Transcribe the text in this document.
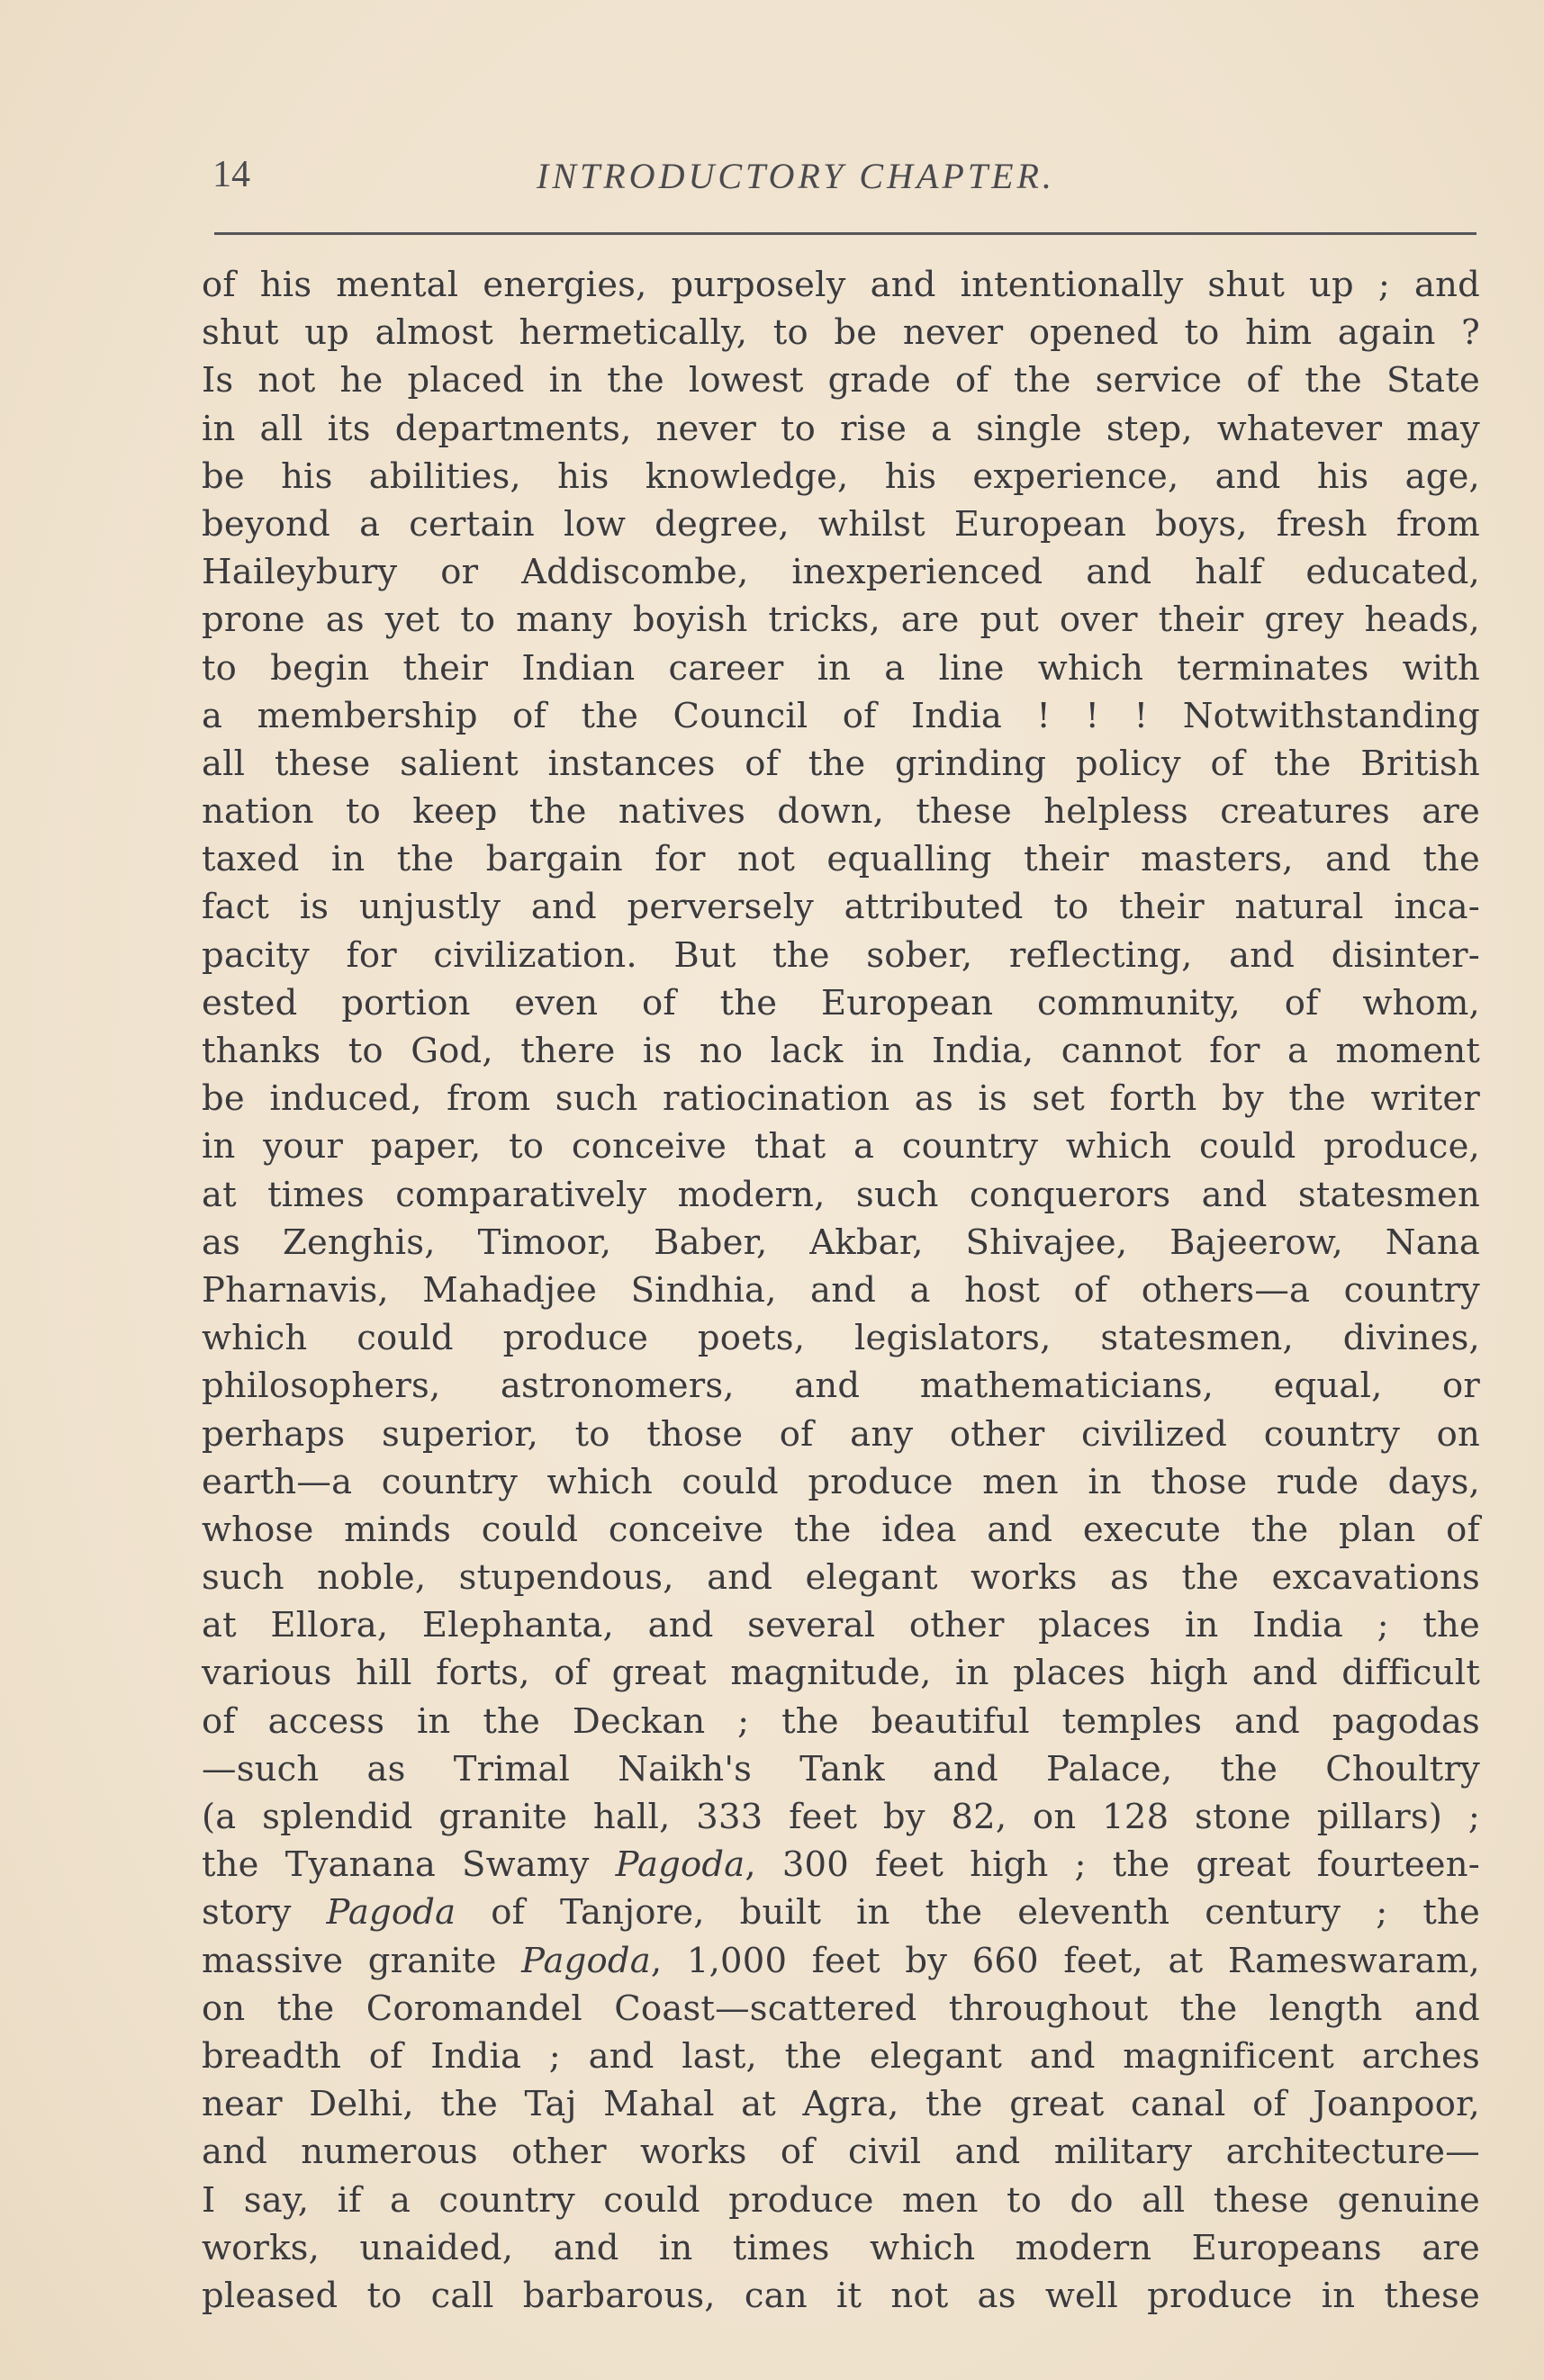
14	INTRODUCTORY CHAPTER.
of his mental energies, purposely and intentionally shut up ; and
shut up almost hermetically, to be never opened to him again ?
Is not he placed in the lowest grade of the service of the State
in all its departments, never to rise a single step, whatever may
be his abilities, his knowledge, his experience, and his age,
beyond a certain low degree, whilst European boys, fresh from
Haileybury or Addiscombe, inexperienced and half educated,
prone as yet to many boyish tricks, are put over their grey heads,
to begin their Indian career in a line which terminates with
a membership of the Council of India ! ! ! Notwithstanding
all these salient instances of the grinding policy of the British
nation to keep the natives down, these helpless creatures are
taxed in the bargain for not equalling their masters, and the
fact is unjustly and perversely attributed to their natural inca-
pacity for civilization. But the sober, reflecting, and disinter-
ested portion even of the European community, of whom,
thanks to God, there is no lack in India, cannot for a moment
be induced, from such ratiocination as is set forth by the writer
in your paper, to conceive that a country which could produce,
at times comparatively modern, such conquerors and statesmen
as Zenghis, Timoor, Baber, Akbar, Shivajee, Bajeerow, Nana
Pharnavis, Mahadjee Sindhia, and a host of others—a country
which could produce poets, legislators, statesmen, divines,
philosophers, astronomers, and mathematicians, equal, or
perhaps superior, to those of any other civilized country on
earth—a country which could produce men in those rude days,
whose minds could conceive the idea and execute the plan of
such noble, stupendous, and elegant works as the excavations
at Ellora, Elephanta, and several other places in India ; the
various hill forts, of great magnitude, in places high and difficult
of access in the Deckan ; the beautiful temples and pagodas
—such as Trimal Naikh's Tank and Palace, the Choultry
(a splendid granite hall, 333 feet by 82, on 128 stone pillars) ;
the Tyanana Swamy Pagoda, 300 feet high ; the great fourteen-
story Pagoda of Tanjore, built in the eleventh century ; the
massive granite Pagoda, 1,000 feet by 660 feet, at Rameswaram,
on the Coromandel Coast—scattered throughout the length and
breadth of India ; and last, the elegant and magnificent arches
near Delhi, the Taj Mahal at Agra, the great canal of Joanpoor,
and numerous other works of civil and military architecture—
I say, if a country could produce men to do all these genuine
works, unaided, and in times which modern Europeans are
pleased to call barbarous, can it not as well produce in these
